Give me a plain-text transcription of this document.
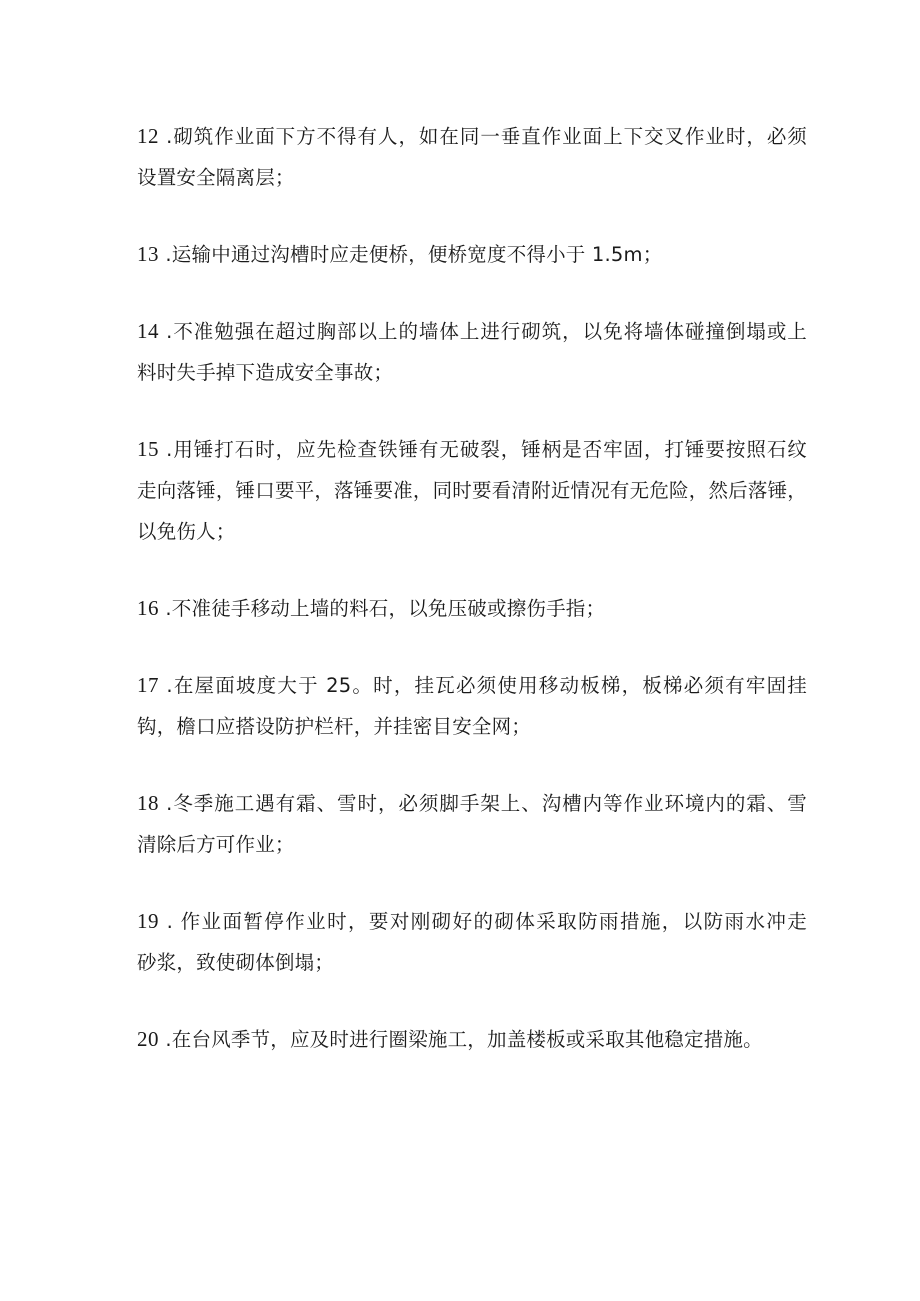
12 .砌筑作业面下方不得有人，如在同一垂直作业面上下交叉作业时，必须
设置安全隔离层；
13 .运输中通过沟槽时应走便桥，便桥宽度不得小于 1.5m；
14 .不准勉强在超过胸部以上的墙体上进行砌筑，以免将墙体碰撞倒塌或上
料时失手掉下造成安全事故；
15 .用锤打石时，应先检查铁锤有无破裂，锤柄是否牢固，打锤要按照石纹
走向落锤，锤口要平，落锤要准，同时要看清附近情况有无危险，然后落锤，
以免伤人；
16 .不准徒手移动上墙的料石，以免压破或擦伤手指；
17 .在屋面坡度大于 25。时，挂瓦必须使用移动板梯，板梯必须有牢固挂
钩，檐口应搭设防护栏杆，并挂密目安全网；
18 .冬季施工遇有霜、雪时，必须脚手架上、沟槽内等作业环境内的霜、雪
清除后方可作业；
19 . 作业面暂停作业时，要对刚砌好的砌体采取防雨措施，以防雨水冲走
砂浆，致使砌体倒塌；
20 .在台风季节，应及时进行圈梁施工，加盖楼板或采取其他稳定措施。
